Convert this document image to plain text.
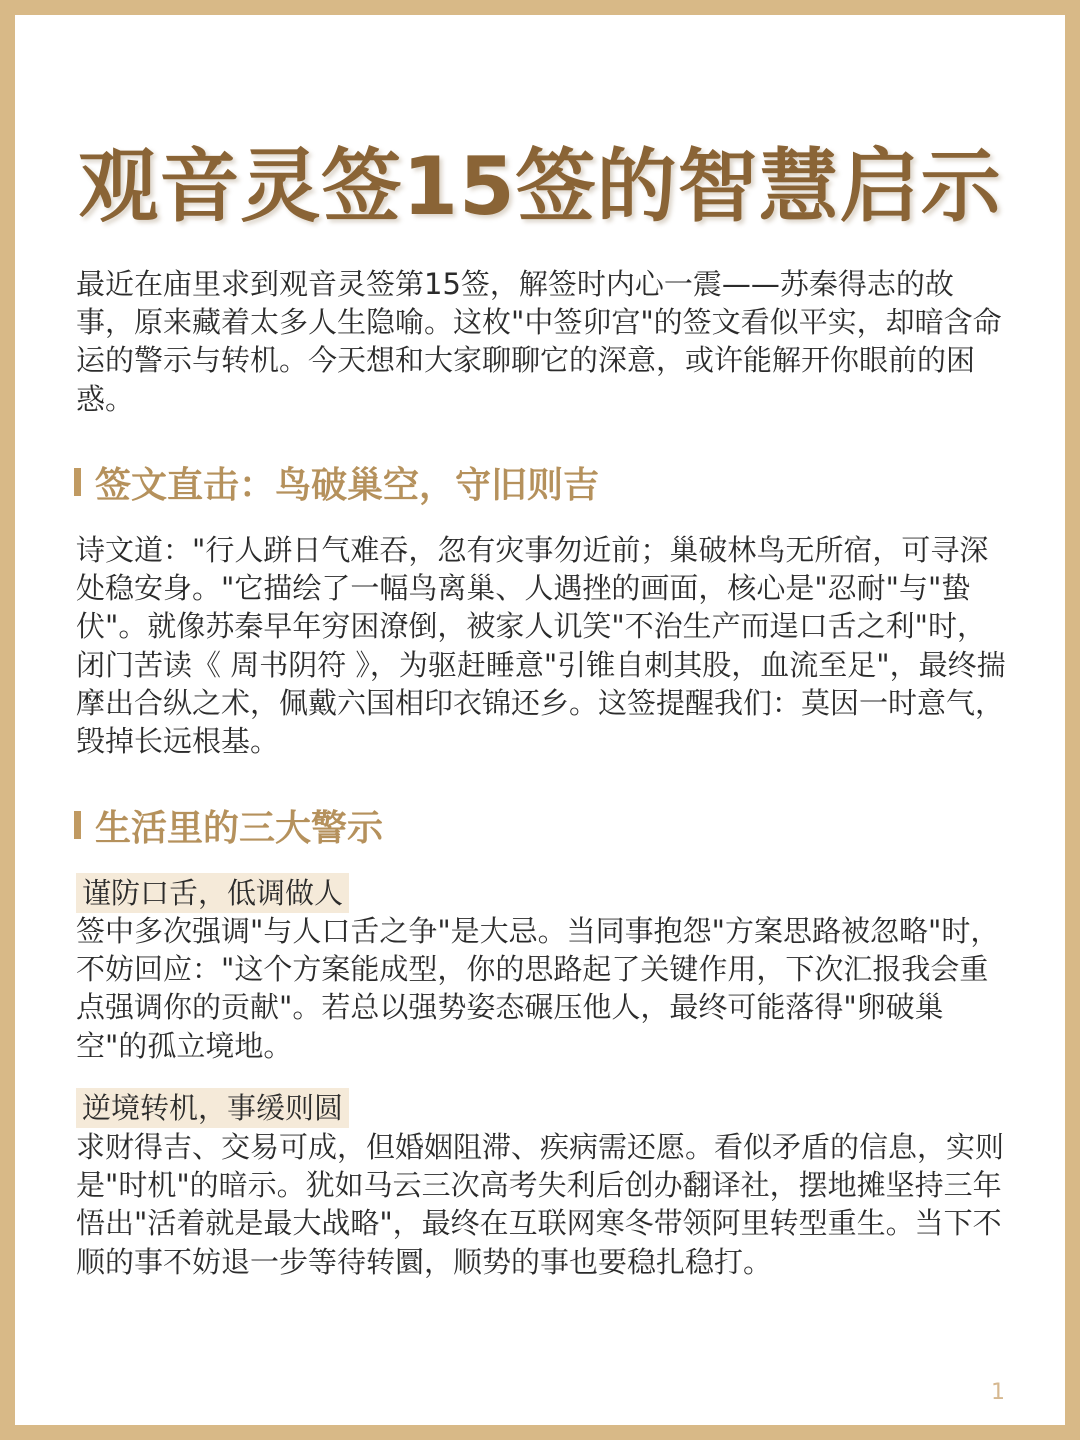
观音灵签15签的智慧启示

最近在庙里求到观音灵签第15签，解签时内心一震——苏秦得志的故事，原来藏着太多人生隐喻。这枚"中签卯宫"的签文看似平实，却暗含命运的警示与转机。今天想和大家聊聊它的深意，或许能解开你眼前的困惑。

签文直击：鸟破巢空，守旧则吉

诗文道："行人跰日气难吞，忽有灾事勿近前；巢破林鸟无所宿，可寻深处稳安身。"它描绘了一幅鸟离巢、人遇挫的画面，核心是"忍耐"与"蛰伏"。就像苏秦早年穷困潦倒，被家人讥笑"不治生产而逞口舌之利"时，闭门苦读《 周书阴符 》，为驱赶睡意"引锥自刺其股，血流至足"，最终揣摩出合纵之术，佩戴六国相印衣锦还乡。这签提醒我们：莫因一时意气，毁掉长远根基。

生活里的三大警示
谨防口舌，低调做人

签中多次强调"与人口舌之争"是大忌。当同事抱怨"方案思路被忽略"时，不妨回应："这个方案能成型，你的思路起了关键作用，下次汇报我会重点强调你的贡献"。若总以强势姿态碾压他人，最终可能落得"卵破巢空"的孤立境地。

逆境转机，事缓则圆

求财得吉、交易可成，但婚姻阻滞、疾病需还愿。看似矛盾的信息，实则是"时机"的暗示。犹如马云三次高考失利后创办翻译社，摆地摊坚持三年悟出"活着就是最大战略"，最终在互联网寒冬带领阿里转型重生。当下不顺的事不妨退一步等待转圜，顺势的事也要稳扎稳打。

1
